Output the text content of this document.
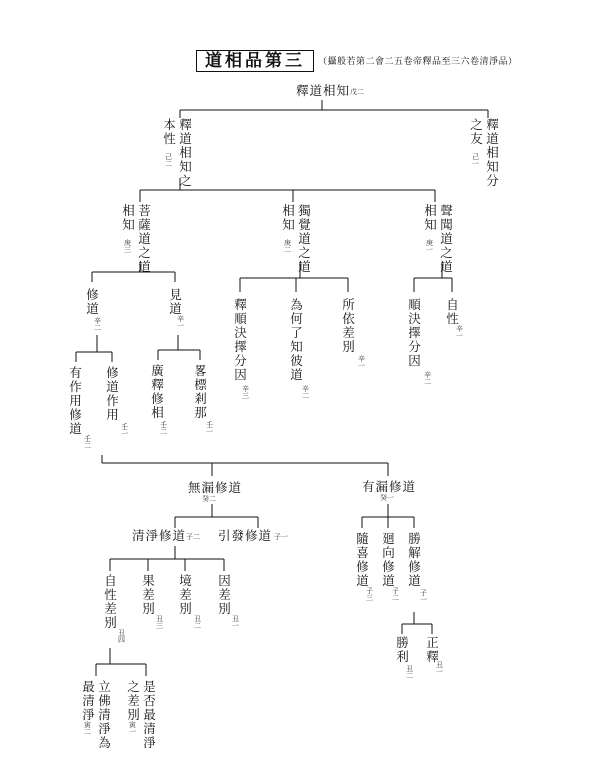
道相品第三	（攝般若第二會二五卷帝釋品至三六卷清淨品）
釋道相知 戊二
本性
釋道相知之
己二
之友
釋道相知分
己一
相知
菩薩道之道
庚三
相知
獨覺道之道
庚二
相知
聲聞道之道
庚一
修道
辛二
見道
辛一
釋順決擇分因
辛三
為何了知彼道
辛二
所依差別
辛一
順決擇分因
辛二
自性
辛一
有作用修道
壬二
修道作用
壬一
廣釋修相
壬二
畧標剎那
壬一
無漏修道
癸二
有漏修道
癸一
清淨修道 子二 引發修道 子一	隨喜修道
子三
廻向修道
子二
勝解修道
子一
自性差別
丑四
果差別
丑三
境差別
丑二
因差別
丑一
勝利
丑二
正釋
丑一
最清淨
立佛清淨為
寅二
之差別
是否最清淨
寅一
